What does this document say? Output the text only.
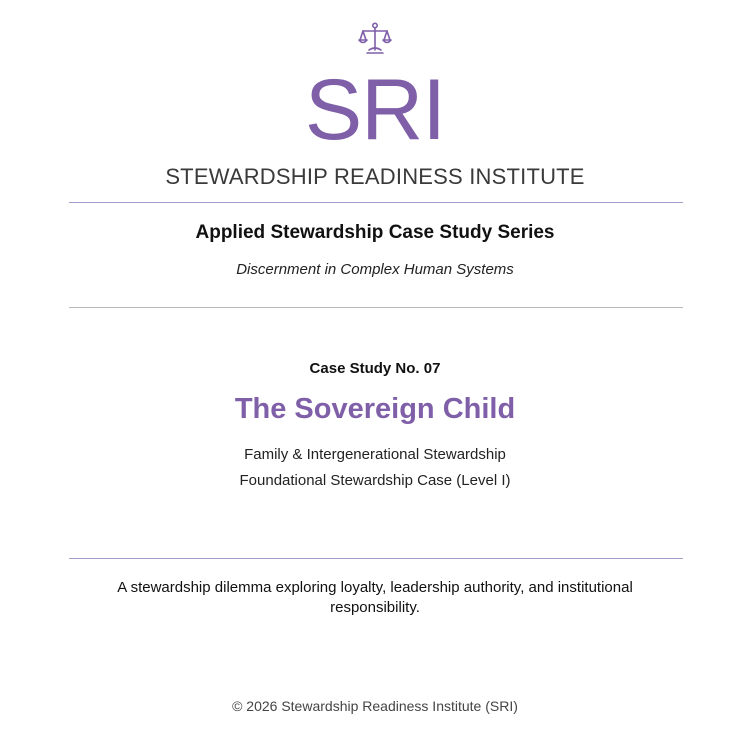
SRI
STEWARDSHIP READINESS INSTITUTE
Applied Stewardship Case Study Series
Discernment in Complex Human Systems
Case Study No. 07
The Sovereign Child
Family & Intergenerational Stewardship
Foundational Stewardship Case (Level I)
A stewardship dilemma exploring loyalty, leadership authority, and institutional responsibility.
© 2026 Stewardship Readiness Institute (SRI)
